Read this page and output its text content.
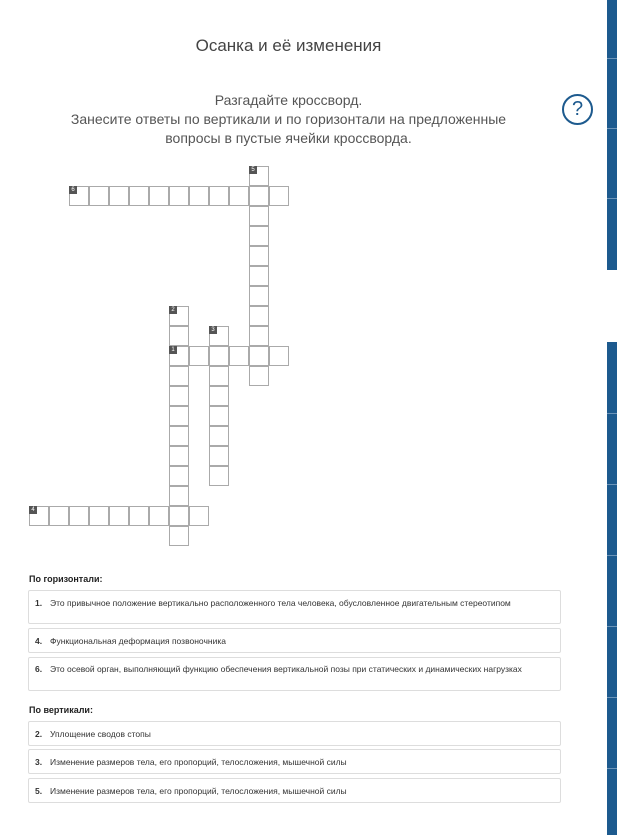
Осанка и её изменения
Разгадайте кроссворд.
Занесите ответы по вертикали и по горизонтали на предложенные
вопросы в пустые ячейки кроссворда.
?
6
5
2
3
1
4
По горизонтали:
1. Это привычное положение вертикально расположенного тела человека, обусловленное двигательным стереотипом
4. Функциональная деформация позвоночника
6. Это осевой орган, выполняющий функцию обеспечения вертикальной позы при статических и динамических нагрузках
По вертикали:
2. Уплощение сводов стопы
3. Изменение размеров тела, его пропорций, телосложения, мышечной силы
5. Изменение размеров тела, его пропорций, телосложения, мышечной силы
